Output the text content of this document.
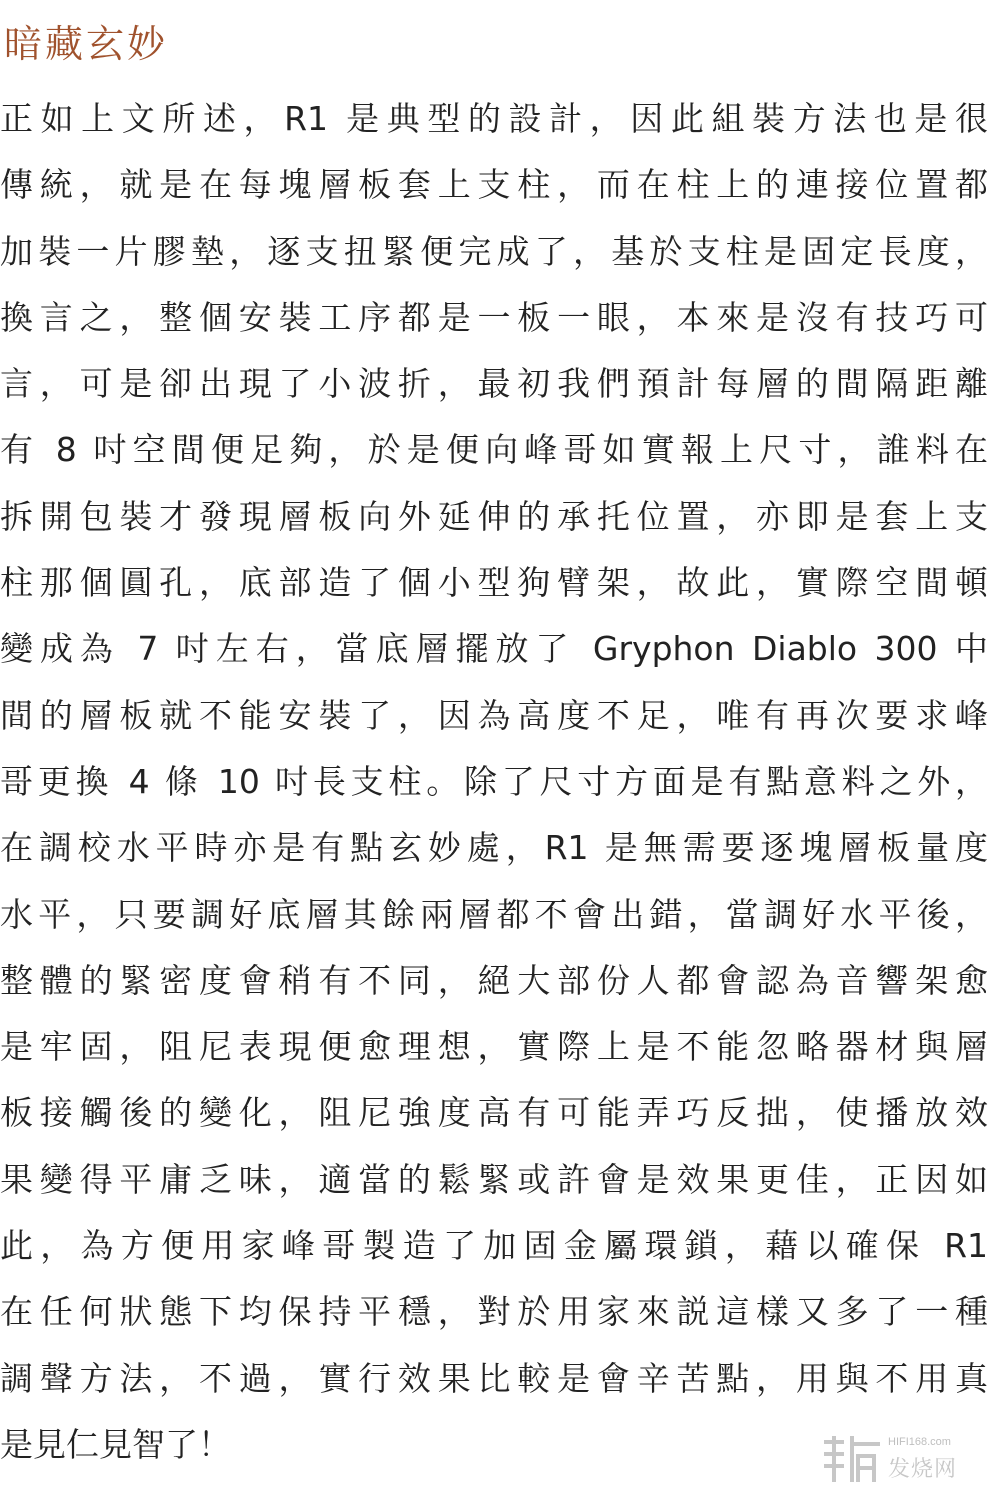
暗藏玄妙
正如上文所述，R1 是典型的設計，因此組裝方法也是很
傳統，就是在每塊層板套上支柱，而在柱上的連接位置都
加裝一片膠墊，逐支扭緊便完成了，基於支柱是固定長度，
換言之，整個安裝工序都是一板一眼，本來是沒有技巧可
言，可是卻出現了小波折，最初我們預計每層的間隔距離
有 8 吋空間便足夠，於是便向峰哥如實報上尺寸，誰料在
拆開包裝才發現層板向外延伸的承托位置，亦即是套上支
柱那個圓孔，底部造了個小型狗臂架，故此，實際空間頓
變成為 7 吋左右，當底層擺放了 Gryphon Diablo 300 中
間的層板就不能安裝了，因為高度不足，唯有再次要求峰
哥更換 4 條 10 吋長支柱。除了尺寸方面是有點意料之外，
在調校水平時亦是有點玄妙處，R1 是無需要逐塊層板量度
水平，只要調好底層其餘兩層都不會出錯，當調好水平後，
整體的緊密度會稍有不同，絕大部份人都會認為音響架愈
是牢固，阻尼表現便愈理想，實際上是不能忽略器材與層
板接觸後的變化，阻尼強度高有可能弄巧反拙，使播放效
果變得平庸乏味，適當的鬆緊或許會是效果更佳，正因如
此，為方便用家峰哥製造了加固金屬環鎖，藉以確保 R1
在任何狀態下均保持平穩，對於用家來説這樣又多了一種
調聲方法，不過，實行效果比較是會辛苦點，用與不用真
是見仁見智了！	HIFI168.com
发烧网
